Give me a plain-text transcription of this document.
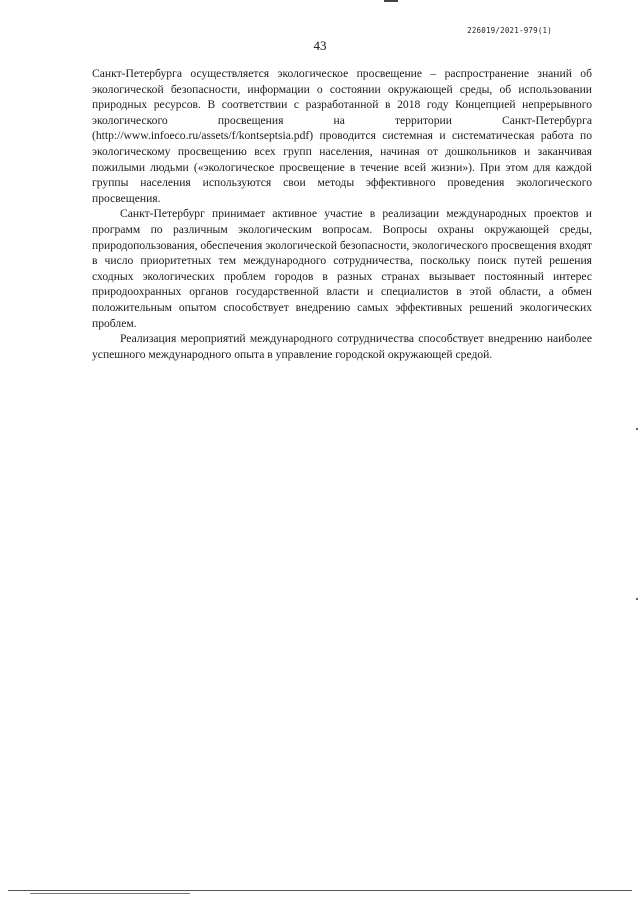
226019/2021-979(1)
43

Санкт-Петербурга осуществляется экологическое просвещение – распространение знаний об экологической безопасности, информации о состоянии окружающей среды, об использовании природных ресурсов. В соответствии с разработанной в 2018 году Концепцией непрерывного экологического просвещения на территории Санкт-Петербурга (http://www.infoeco.ru/assets/f/kontseptsia.pdf) проводится системная и систематическая работа по экологическому просвещению всех групп населения, начиная от дошкольников и заканчивая пожилыми людьми («экологическое просвещение в течение всей жизни»). При этом для каждой группы населения используются свои методы эффективного проведения экологического просвещения.

Санкт-Петербург принимает активное участие в реализации международных проектов и программ по различным экологическим вопросам. Вопросы охраны окружающей среды, природопользования, обеспечения экологической безопасности, экологического просвещения входят в число приоритетных тем международного сотрудничества, поскольку поиск путей решения сходных экологических проблем городов в разных странах вызывает постоянный интерес природоохранных органов государственной власти и специалистов в этой области, а обмен положительным опытом способствует внедрению самых эффективных решений экологических проблем.

Реализация мероприятий международного сотрудничества способствует внедрению наиболее успешного международного опыта в управление городской окружающей средой.
